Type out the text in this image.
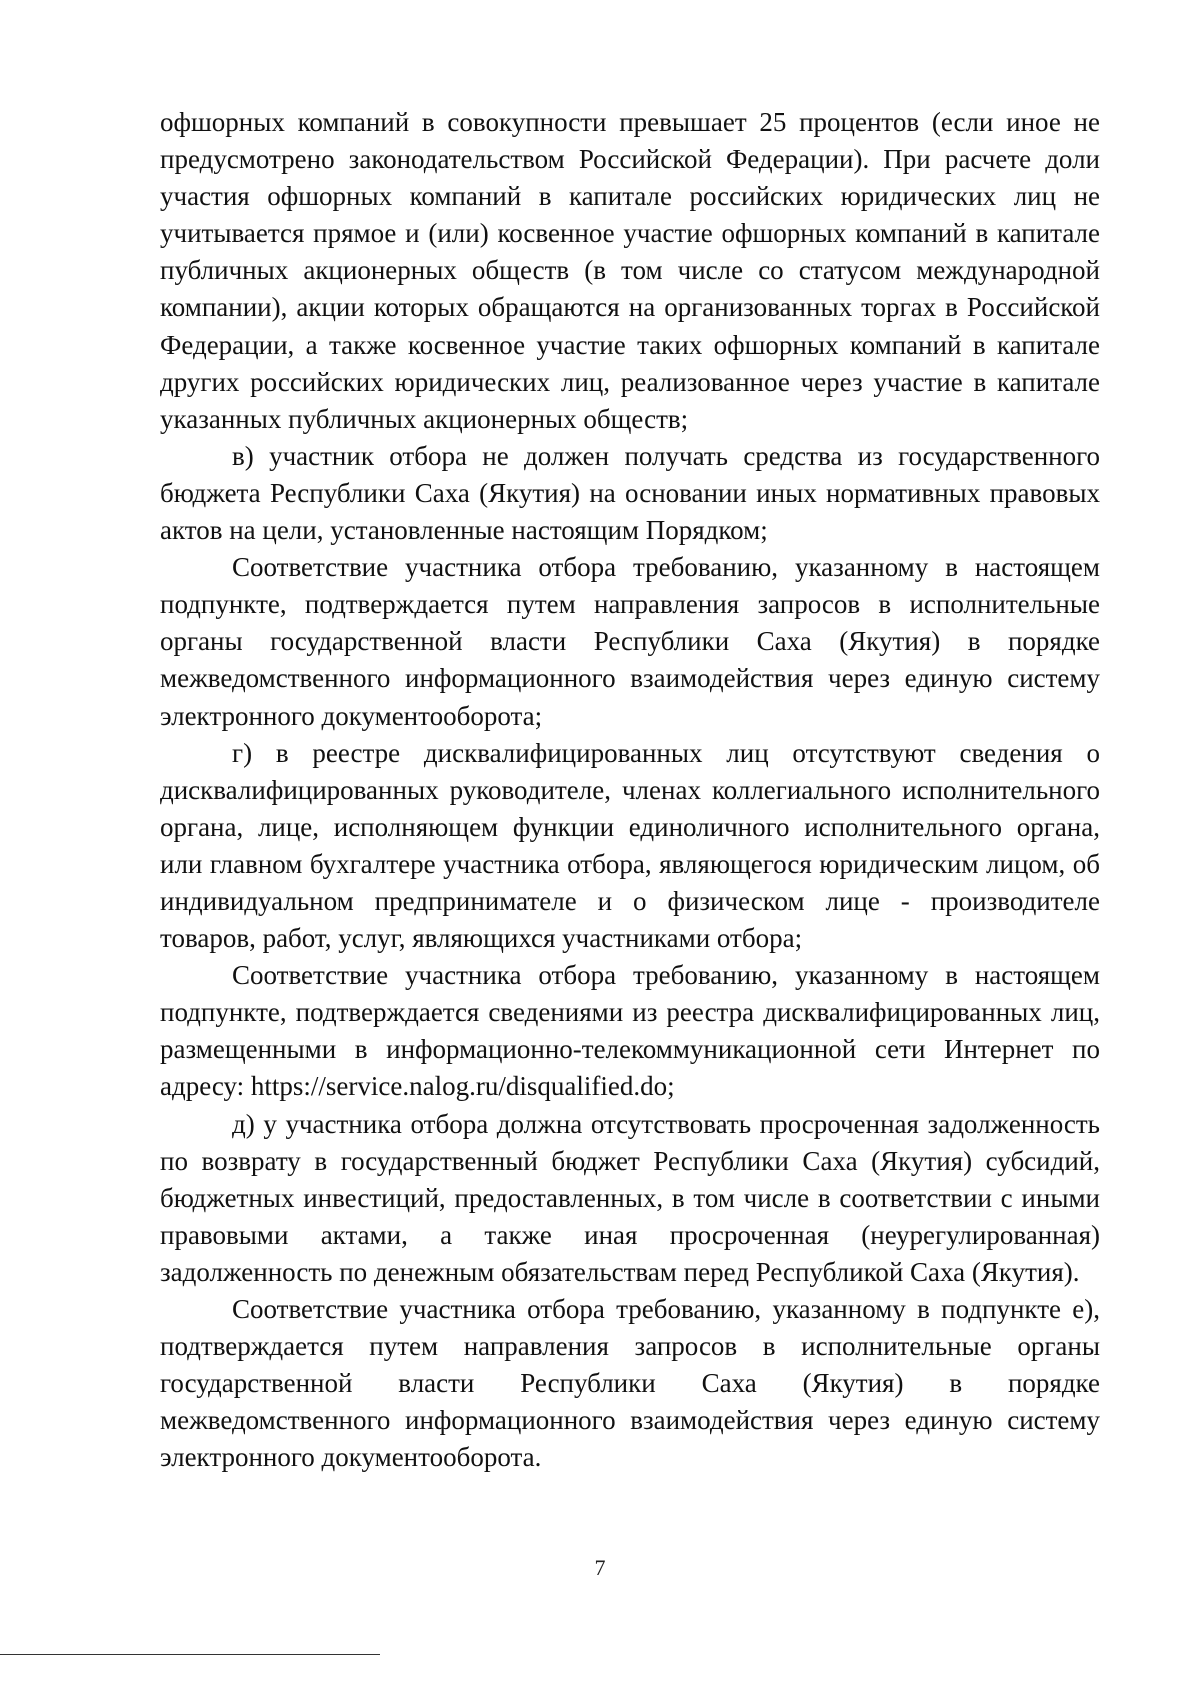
офшорных компаний в совокупности превышает 25 процентов (если иное не предусмотрено законодательством Российской Федерации). При расчете доли участия офшорных компаний в капитале российских юридических лиц не учитывается прямое и (или) косвенное участие офшорных компаний в капитале публичных акционерных обществ (в том числе со статусом международной компании), акции которых обращаются на организованных торгах в Российской Федерации, а также косвенное участие таких офшорных компаний в капитале других российских юридических лиц, реализованное через участие в капитале указанных публичных акционерных обществ;

в) участник отбора не должен получать средства из государственного бюджета Республики Саха (Якутия) на основании иных нормативных правовых актов на цели, установленные настоящим Порядком;

Соответствие участника отбора требованию, указанному в настоящем подпункте, подтверждается путем направления запросов в исполнительные органы государственной власти Республики Саха (Якутия) в порядке межведомственного информационного взаимодействия через единую систему электронного документооборота;

г) в реестре дисквалифицированных лиц отсутствуют сведения о дисквалифицированных руководителе, членах коллегиального исполнительного органа, лице, исполняющем функции единоличного исполнительного органа, или главном бухгалтере участника отбора, являющегося юридическим лицом, об индивидуальном предпринимателе и о физическом лице - производителе товаров, работ, услуг, являющихся участниками отбора;

Соответствие участника отбора требованию, указанному в настоящем подпункте, подтверждается сведениями из реестра дисквалифицированных лиц, размещенными в информационно-телекоммуникационной сети Интернет по адресу: https://service.nalog.ru/disqualified.do;

д) у участника отбора должна отсутствовать просроченная задолженность по возврату в государственный бюджет Республики Саха (Якутия) субсидий, бюджетных инвестиций, предоставленных, в том числе в соответствии с иными правовыми актами, а также иная просроченная (неурегулированная) задолженность по денежным обязательствам перед Республикой Саха (Якутия).

Соответствие участника отбора требованию, указанному в подпункте е), подтверждается путем направления запросов в исполнительные органы государственной власти Республики Саха (Якутия) в порядке межведомственного информационного взаимодействия через единую систему электронного документооборота.

7
